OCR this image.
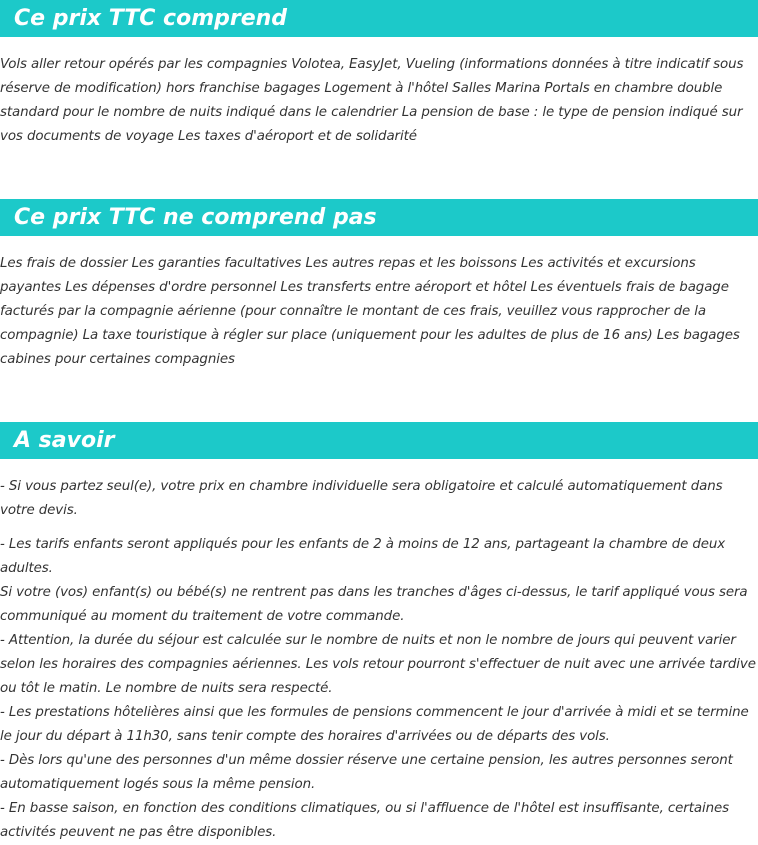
Ce prix TTC comprend

Vols aller retour opérés par les compagnies Volotea, EasyJet, Vueling (informations données à titre indicatif sous réserve de modification) hors franchise bagages Logement à l'hôtel Salles Marina Portals en chambre double standard pour le nombre de nuits indiqué dans le calendrier La pension de base : le type de pension indiqué sur vos documents de voyage Les taxes d'aéroport et de solidarité

Ce prix TTC ne comprend pas

Les frais de dossier Les garanties facultatives Les autres repas et les boissons Les activités et excursions payantes Les dépenses d'ordre personnel Les transferts entre aéroport et hôtel Les éventuels frais de bagage facturés par la compagnie aérienne (pour connaître le montant de ces frais, veuillez vous rapprocher de la compagnie) La taxe touristique à régler sur place (uniquement pour les adultes de plus de 16 ans) Les bagages cabines pour certaines compagnies

A savoir

- Si vous partez seul(e), votre prix en chambre individuelle sera obligatoire et calculé automatiquement dans votre devis.

- Les tarifs enfants seront appliqués pour les enfants de 2 à moins de 12 ans, partageant la chambre de deux adultes.

Si votre (vos) enfant(s) ou bébé(s) ne rentrent pas dans les tranches d'âges ci-dessus, le tarif appliqué vous sera communiqué au moment du traitement de votre commande.

- Attention, la durée du séjour est calculée sur le nombre de nuits et non le nombre de jours qui peuvent varier selon les horaires des compagnies aériennes. Les vols retour pourront s'effectuer de nuit avec une arrivée tardive ou tôt le matin. Le nombre de nuits sera respecté.

- Les prestations hôtelières ainsi que les formules de pensions commencent le jour d'arrivée à midi et se termine le jour du départ à 11h30, sans tenir compte des horaires d'arrivées ou de départs des vols.

- Dès lors qu'une des personnes d'un même dossier réserve une certaine pension, les autres personnes seront automatiquement logés sous la même pension.

- En basse saison, en fonction des conditions climatiques, ou si l'affluence de l'hôtel est insuffisante, certaines activités peuvent ne pas être disponibles.
